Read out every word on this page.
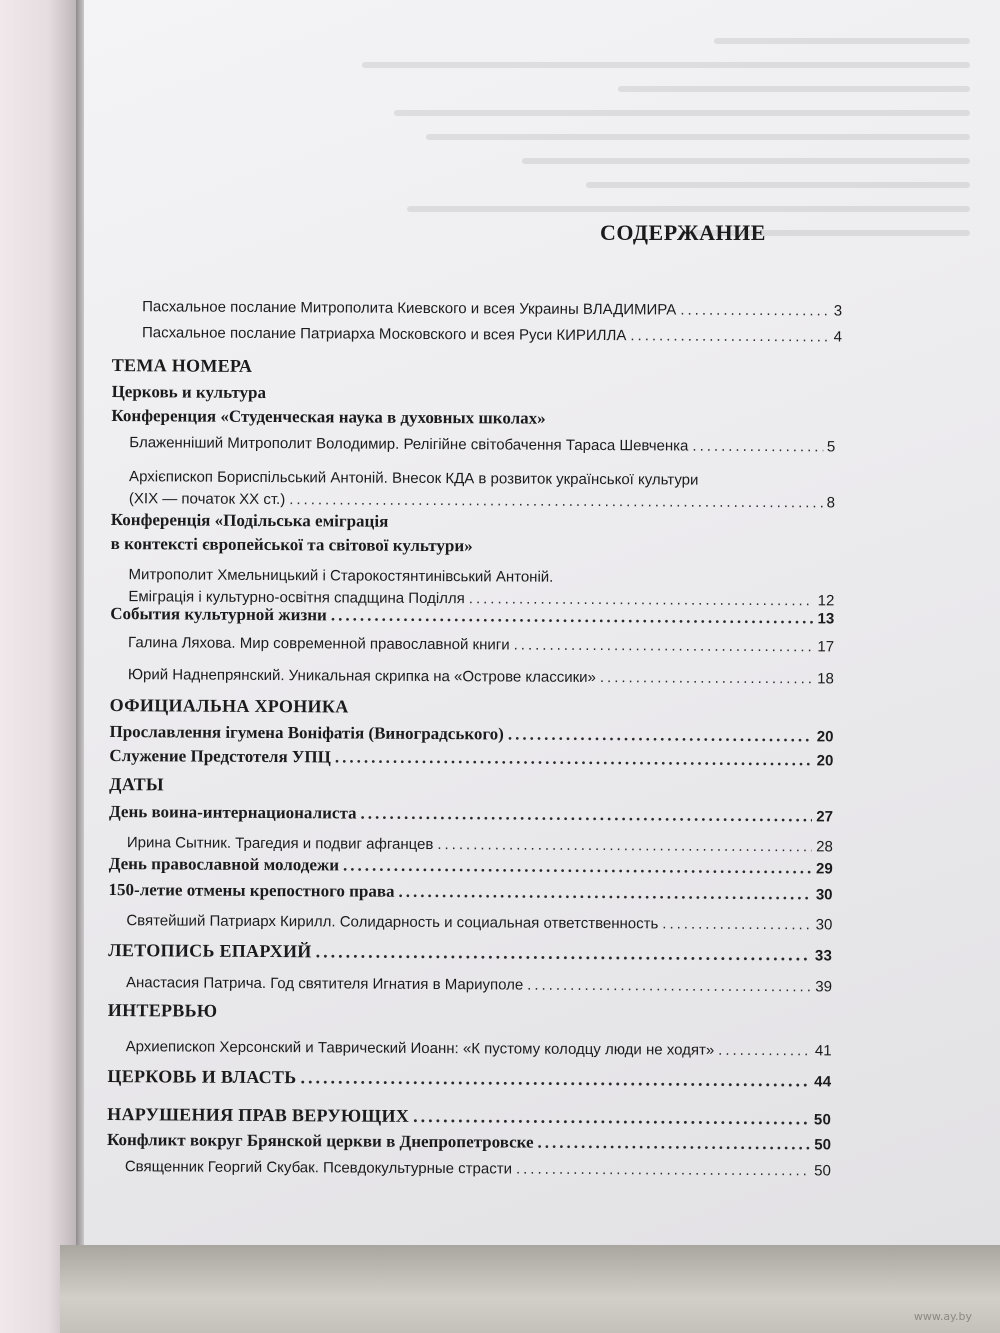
СОДЕРЖАНИЕ
Пасхальное послание Митрополита Киевского и всея Украины ВЛАДИМИРА .....	3
Пасхальное послание Патриарха Московского и всея Руси КИРИЛЛА .....	4
ТЕМА НОМЕРА
Церковь и культура
Конференция «Студенческая наука в духовных школах»
Блаженніший Митрополит Володимир. Релігійне світобачення Тараса Шевченка .....	5
Архієпископ Бориспільський Антоній. Внесок КДА в розвиток української культури
(XIX — початок XX ст.) .....	8
Конференція «Подільська еміграція
в контексті європейської та світової культури»
Митрополит Хмельницький і Старокостянтинівський Антоній.
Еміграція і культурно-освітня спадщина Поділля .....	12
События культурной жизни .....	13
Галина Ляхова. Мир современной православной книги .....	17
Юрий Наднепрянский. Уникальная скрипка на «Острове классики» .....	18
ОФИЦИАЛЬНА ХРОНИКА
Прославлення ігумена Воніфатія (Виноградського) .....	20
Служение Предстотеля УПЦ .....	20
ДАТЫ
День воина-интернационалиста .....	27
Ирина Сытник. Трагедия и подвиг афганцев .....	28
День православной молодежи .....	29
150-летие отмены крепостного права .....	30
Святейший Патриарх Кирилл. Солидарность и социальная ответственность .....	30
ЛЕТОПИСЬ ЕПАРХИЙ .....	33
Анастасия Патрича. Год святителя Игнатия в Мариуполе .....	39
ИНТЕРВЬЮ
Архиепископ Херсонский и Таврический Иоанн: «К пустому колодцу люди не ходят» .....	41
ЦЕРКОВЬ И ВЛАСТЬ .....	44
НАРУШЕНИЯ ПРАВ ВЕРУЮЩИХ .....	50
Конфликт вокруг Брянской церкви в Днепропетровске .....	50
Священник Георгий Скубак. Псевдокультурные страсти .....	50
www.ay.by
